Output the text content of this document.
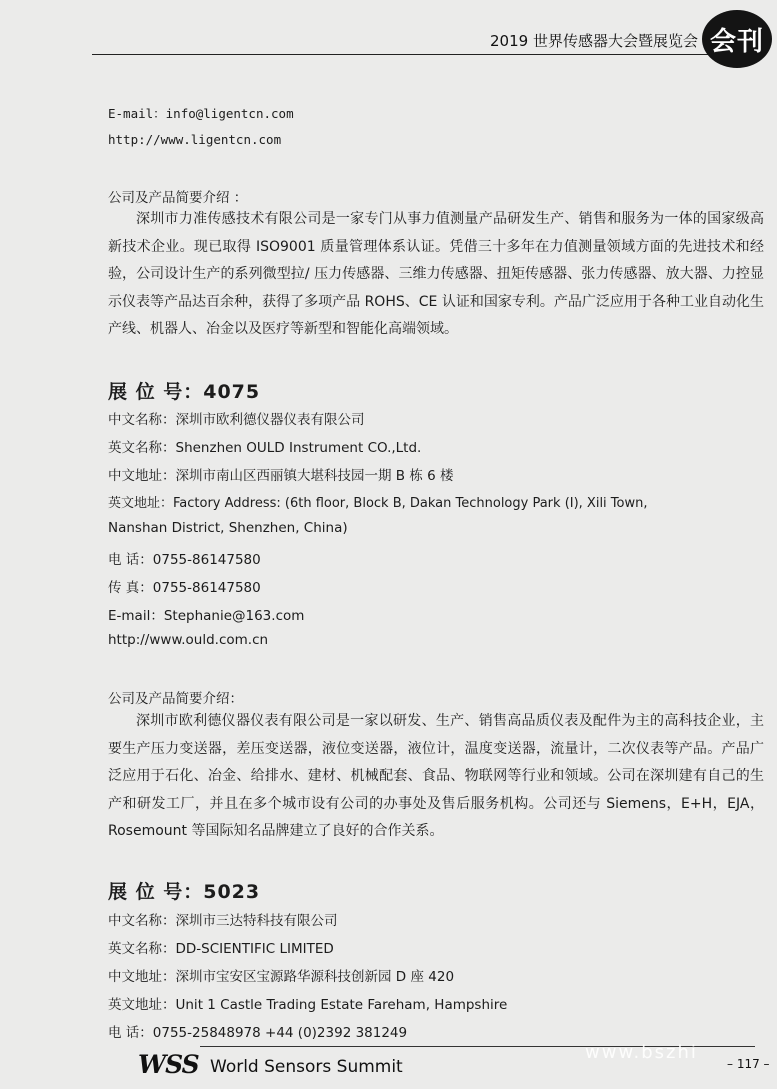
2019 世界传感器大会暨展览会 会刊
E-mail：info@ligentcn.com
http://www.ligentcn.com
公司及产品简要介绍 ：
深圳市力准传感技术有限公司是一家专门从事力值测量产品研发生产、销售和服务为一体的国家级高新技术企业。现已取得 ISO9001 质量管理体系认证。凭借三十多年在力值测量领域方面的先进技术和经验，公司设计生产的系列微型拉/ 压力传感器、三维力传感器、扭矩传感器、张力传感器、放大器、力控显示仪表等产品达百余种，获得了多项产品 ROHS、CE 认证和国家专利。产品广泛应用于各种工业自动化生产线、机器人、冶金以及医疗等新型和智能化高端领域。
展 位 号：4075
中文名称：深圳市欧利德仪器仪表有限公司
英文名称：Shenzhen OULD Instrument CO.,Ltd.
中文地址：深圳市南山区西丽镇大堪科技园一期 B 栋 6 楼
英文地址：Factory Address: (6th floor, Block B, Dakan Technology Park (Ⅰ), Xili Town,
Nanshan District, Shenzhen, China)
电 话：0755-86147580
传 真：0755-86147580
E-mail：Stephanie@163.com
http://www.ould.com.cn
公司及产品简要介绍：
深圳市欧利德仪器仪表有限公司是一家以研发、生产、销售高品质仪表及配件为主的高科技企业，主要生产压力变送器，差压变送器，液位变送器，液位计，温度变送器，流量计，二次仪表等产品。产品广泛应用于石化、冶金、给排水、建材、机械配套、食品、物联网等行业和领域。公司在深圳建有自己的生产和研发工厂，并且在多个城市设有公司的办事处及售后服务机构。公司还与 Siemens，E+H，EJA，Rosemount 等国际知名品牌建立了良好的合作关系。
展 位 号：5023
中文名称：深圳市三达特科技有限公司
英文名称：DD-SCIENTIFIC LIMITED
中文地址：深圳市宝安区宝源路华源科技创新园 D 座 420
英文地址：Unit 1 Castle Trading Estate Fareham, Hampshire
电 话：0755-25848978 +44 (0)2392 381249
WSS World Sensors Summit
www.bszhi
– 117 –
